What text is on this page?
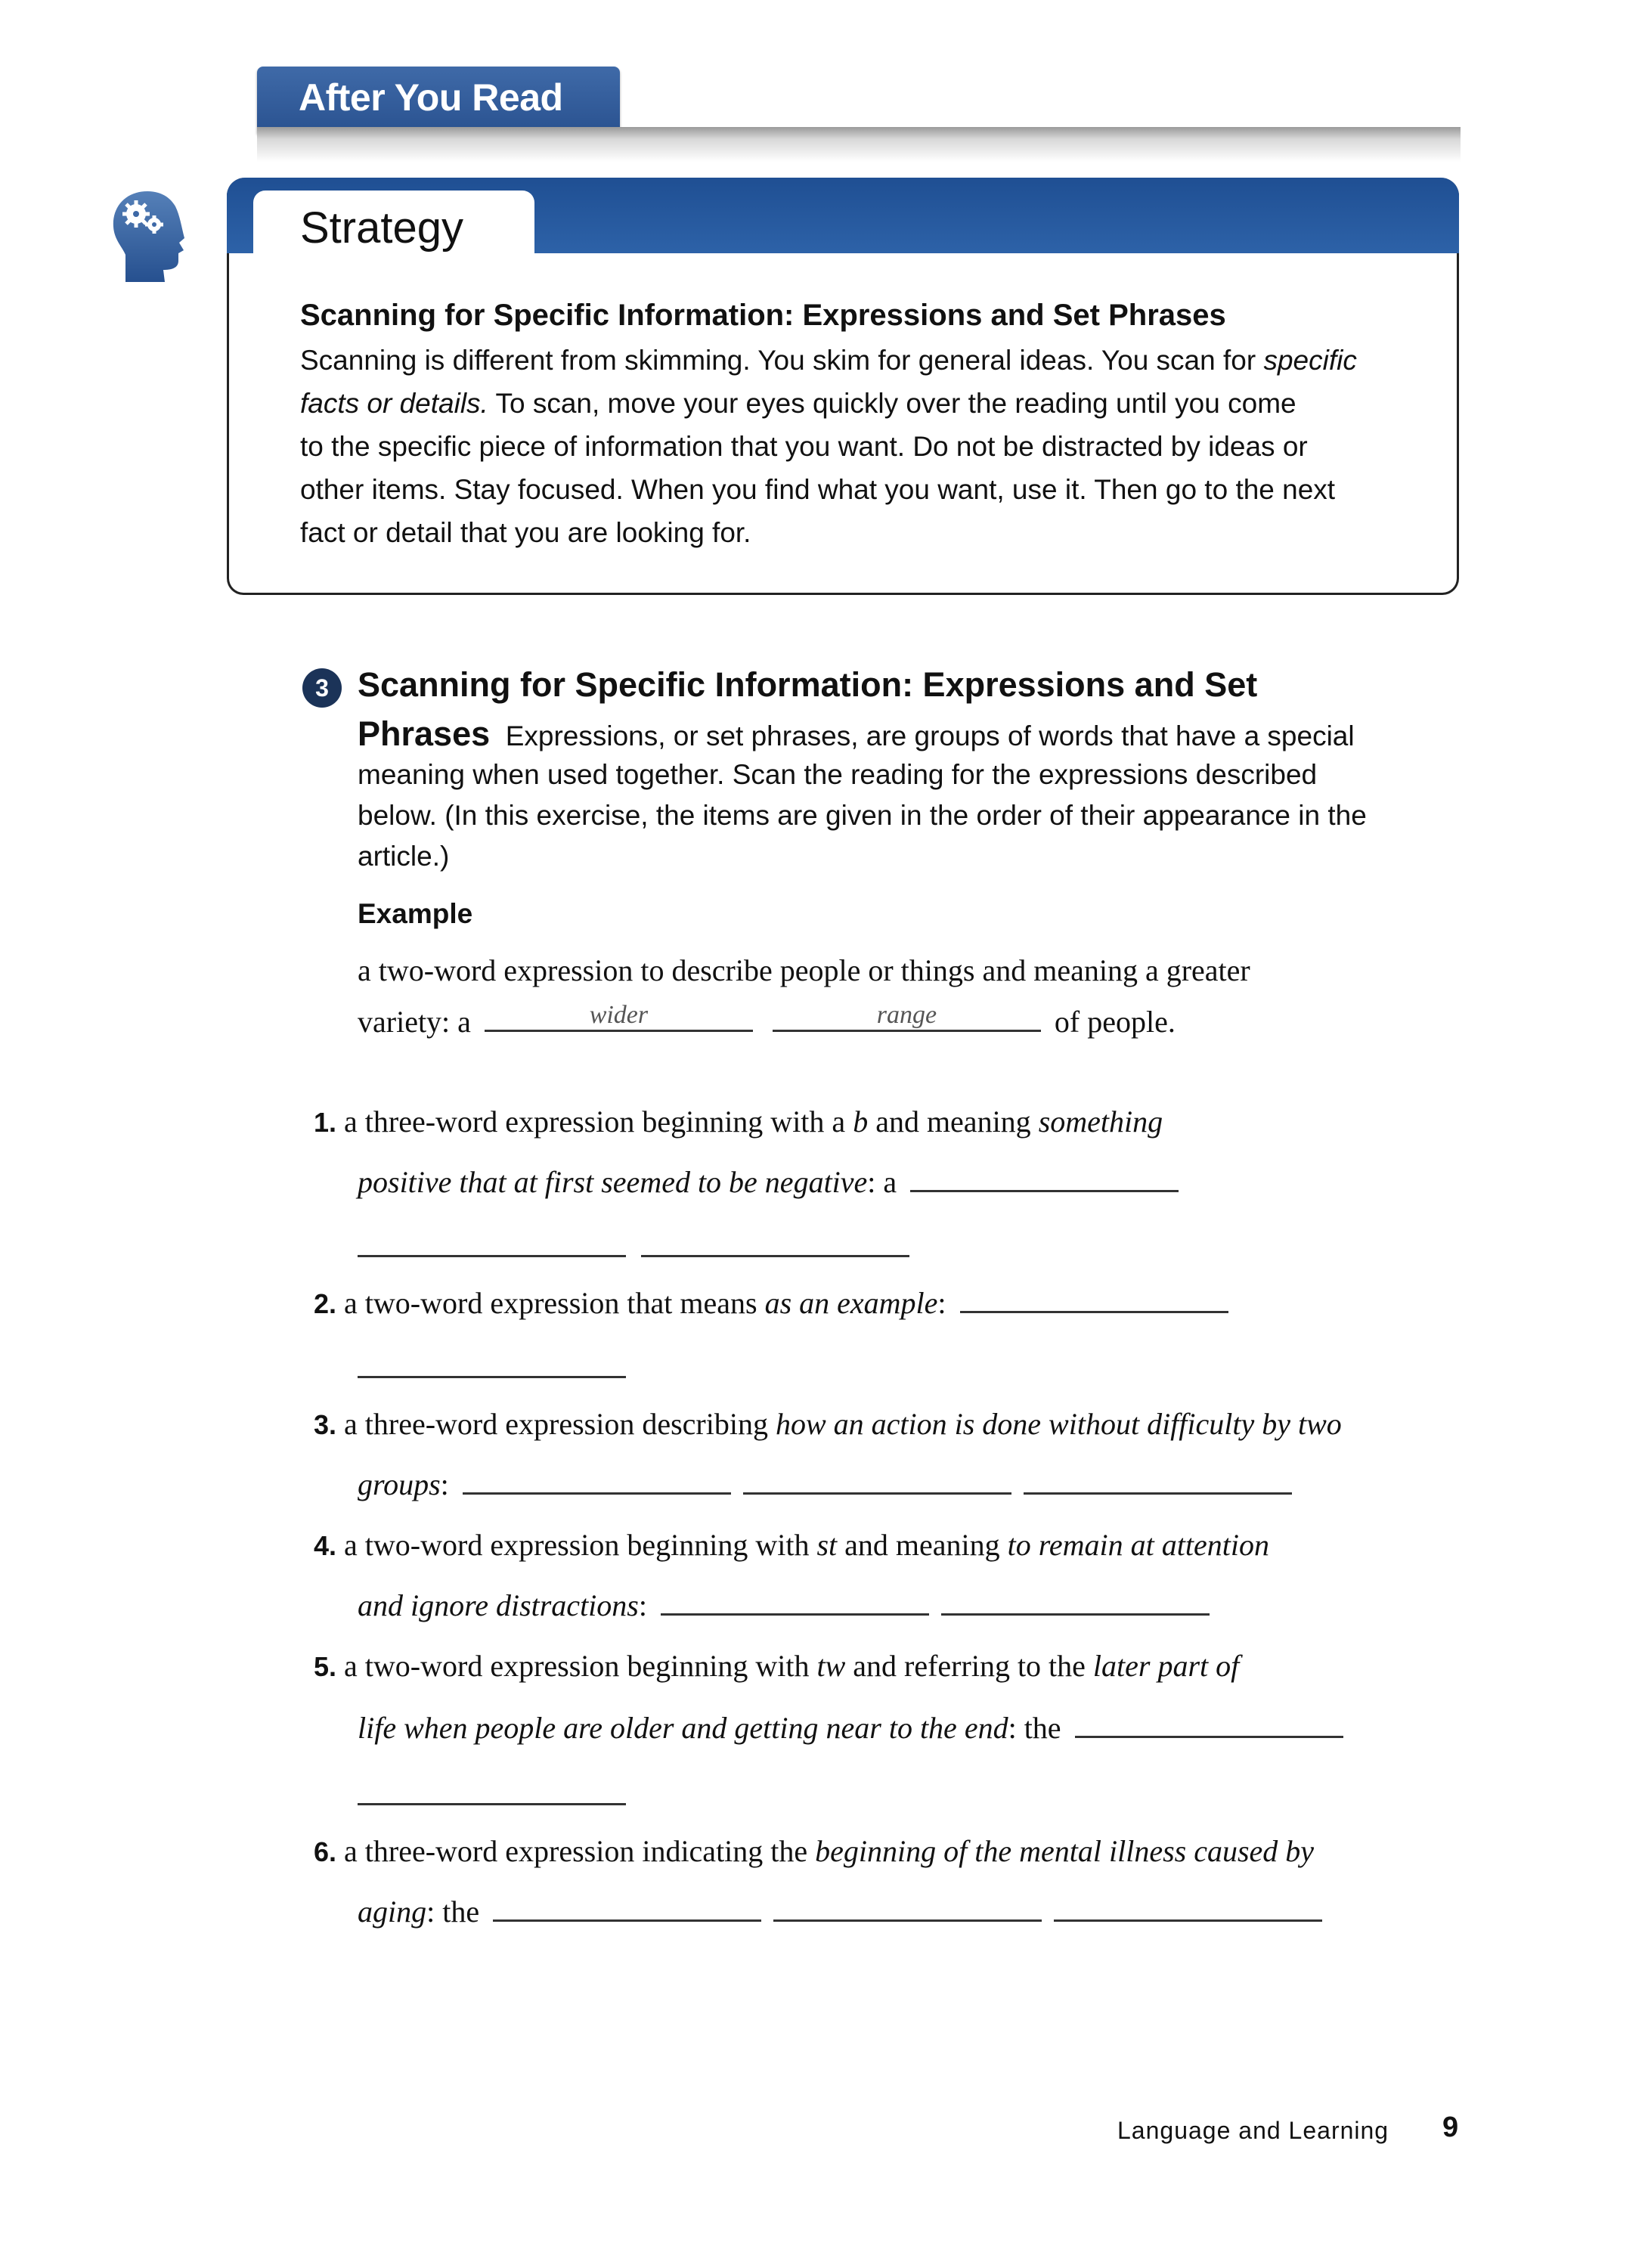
After You Read
Strategy
Scanning for Specific Information: Expressions and Set Phrases
Scanning is different from skimming. You skim for general ideas. You scan for specific
facts or details. To scan, move your eyes quickly over the reading until you come
to the specific piece of information that you want. Do not be distracted by ideas or
other items. Stay focused. When you find what you want, use it. Then go to the next
fact or detail that you are looking for.
3 Scanning for Specific Information: Expressions and Set
Phrases Expressions, or set phrases, are groups of words that have a special
meaning when used together. Scan the reading for the expressions described
below. (In this exercise, the items are given in the order of their appearance in the
article.)
Example
a two-word expression to describe people or things and meaning a greater
variety: a	wider
	range	of people.
1. a three-word expression beginning with a b and meaning something
positive that at first seemed to be negative: a
2. a two-word expression that means as an example:
3. a three-word expression describing how an action is done without difficulty by two
groups:
4. a two-word expression beginning with st and meaning to remain at attention
and ignore distractions:
5. a two-word expression beginning with tw and referring to the later part of
life when people are older and getting near to the end: the
6. a three-word expression indicating the beginning of the mental illness caused by
aging: the
Language and Learning 9
